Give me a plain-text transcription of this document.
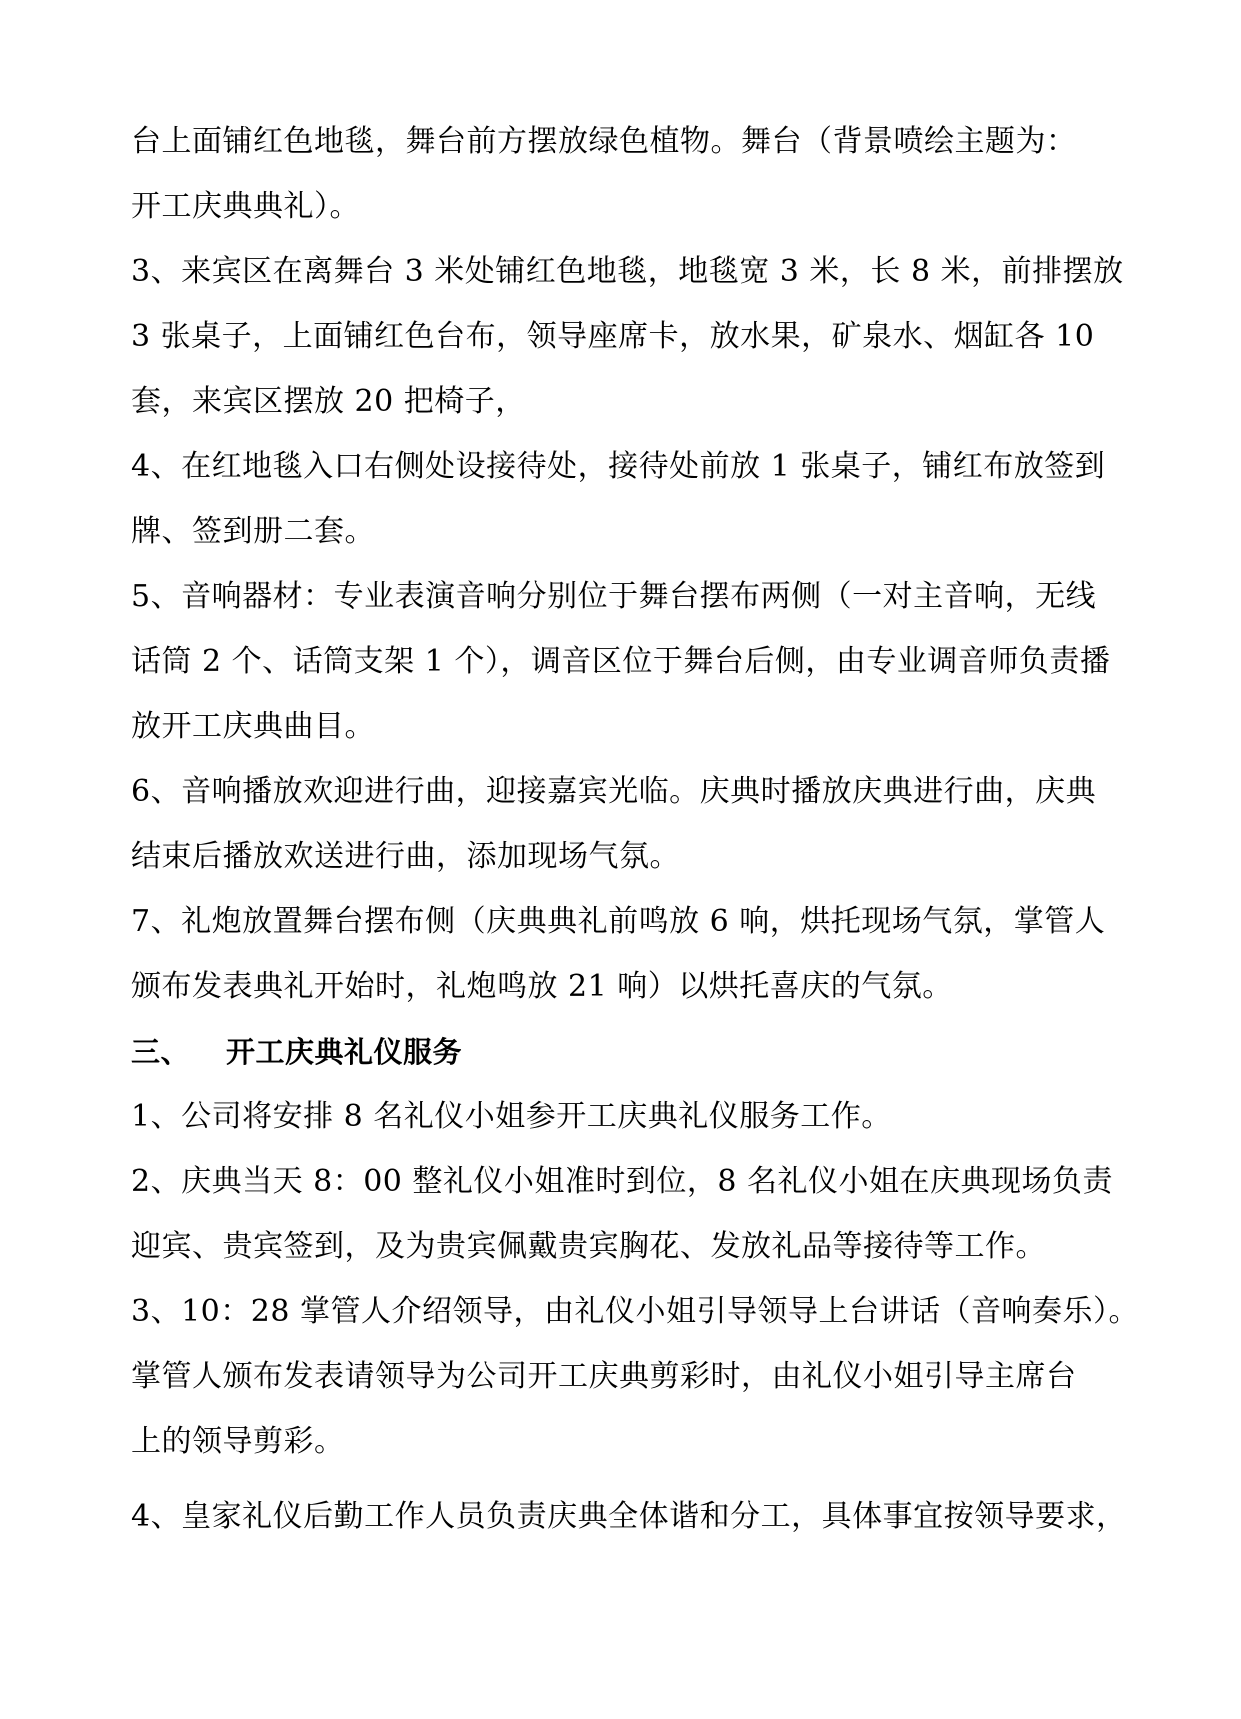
台上面铺红色地毯，舞台前方摆放绿色植物。舞台（背景喷绘主题为：
开工庆典典礼）。
3、来宾区在离舞台 3 米处铺红色地毯，地毯宽 3 米，长 8 米，前排摆放
3 张桌子，上面铺红色台布，领导座席卡，放水果，矿泉水、烟缸各 10
套，来宾区摆放 20 把椅子，
4、在红地毯入口右侧处设接待处，接待处前放 1 张桌子，铺红布放签到
牌、签到册二套。
5、音响器材：专业表演音响分别位于舞台摆布两侧（一对主音响，无线
话筒 2 个、话筒支架 1 个），调音区位于舞台后侧，由专业调音师负责播
放开工庆典曲目。
6、音响播放欢迎进行曲，迎接嘉宾光临。庆典时播放庆典进行曲，庆典
结束后播放欢送进行曲，添加现场气氛。
7、礼炮放置舞台摆布侧（庆典典礼前鸣放 6 响，烘托现场气氛，掌管人
颁布发表典礼开始时，礼炮鸣放 21 响）以烘托喜庆的气氛。
三、 开工庆典礼仪服务
1、公司将安排 8 名礼仪小姐参开工庆典礼仪服务工作。
2、庆典当天 8：00 整礼仪小姐准时到位，8 名礼仪小姐在庆典现场负责
迎宾、贵宾签到，及为贵宾佩戴贵宾胸花、发放礼品等接待等工作。
3、10：28 掌管人介绍领导，由礼仪小姐引导领导上台讲话（音响奏乐）。
掌管人颁布发表请领导为公司开工庆典剪彩时，由礼仪小姐引导主席台
上的领导剪彩。
4、皇家礼仪后勤工作人员负责庆典全体谐和分工，具体事宜按领导要求，
